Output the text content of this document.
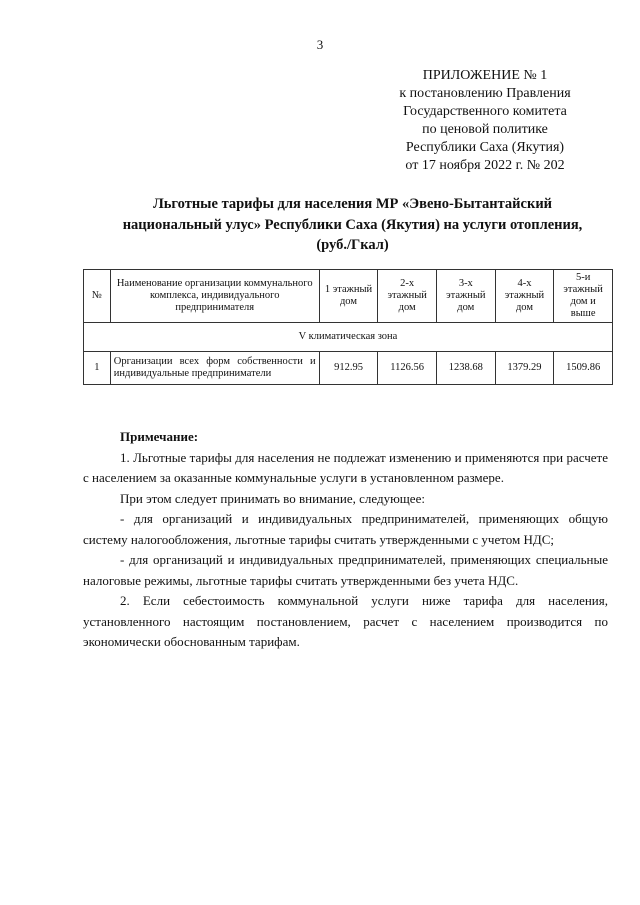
3
ПРИЛОЖЕНИЕ № 1
к постановлению Правления
Государственного комитета
по ценовой политике
Республики Саха (Якутия)
от 17 ноября 2022 г. № 202
Льготные тарифы для населения МР «Эвено-Бытантайский
национальный улус» Республики Саха (Якутия) на услуги отопления,
(руб./Гкал)
№	Наименование организации коммунального комплекса, индивидуального предпринимателя	1 этажный дом	2-х этажный дом	3-х этажный дом	4-х этажный дом	5-и этажный дом и выше
V климатическая зона						
1	Организации всех форм собственности и индивидуальные предприниматели	912.95	1126.56	1238.68	1379.29	1509.86
Примечание:
1. Льготные тарифы для населения не подлежат изменению и применяются при расчете с населением за оказанные коммунальные услуги в установленном размере.
При этом следует принимать во внимание, следующее:
- для организаций и индивидуальных предпринимателей, применяющих общую систему налогообложения, льготные тарифы считать утвержденными с учетом НДС;
- для организаций и индивидуальных предпринимателей, применяющих специальные налоговые режимы, льготные тарифы считать утвержденными без учета НДС.
2. Если себестоимость коммунальной услуги ниже тарифа для населения, установленного настоящим постановлением, расчет с населением производится по экономически обоснованным тарифам.
